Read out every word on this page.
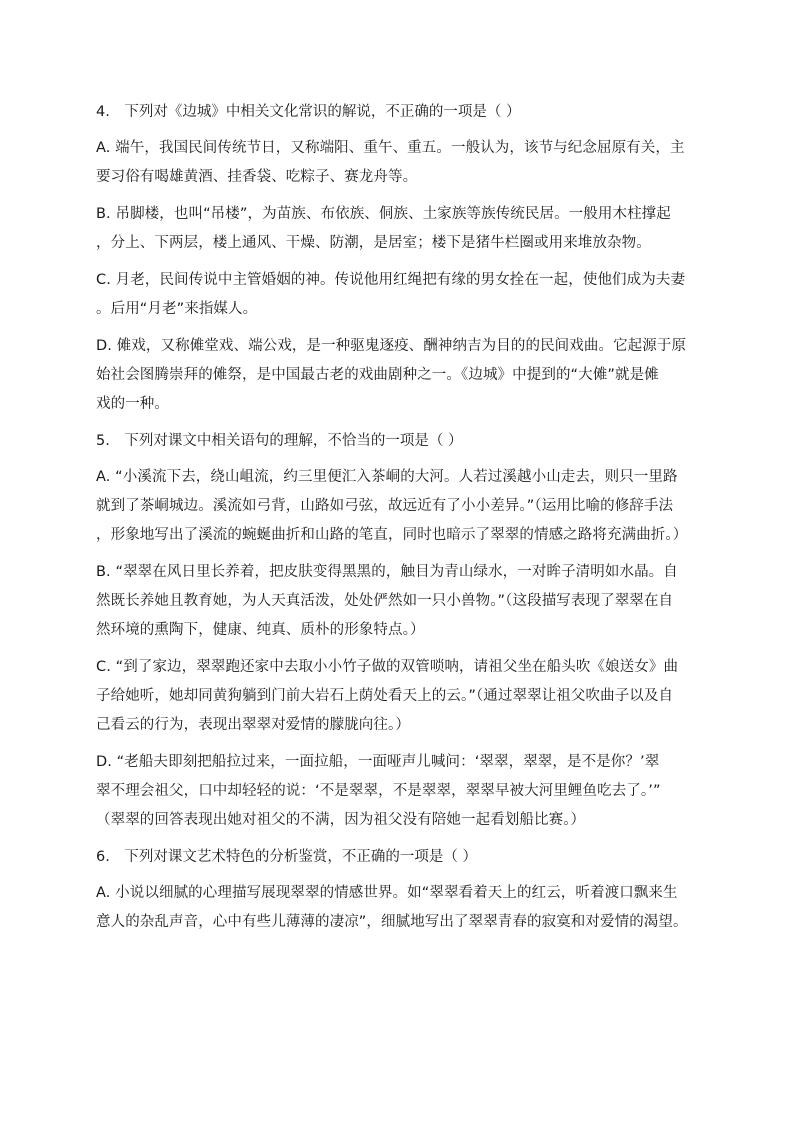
4.　下列对《边城》中相关文化常识的解说，不正确的一项是（ ）
A. 端午，我国民间传统节日，又称端阳、重午、重五。一般认为，该节与纪念屈原有关，主
要习俗有喝雄黄酒、挂香袋、吃粽子、赛龙舟等。
B. 吊脚楼，也叫“吊楼”，为苗族、布依族、侗族、土家族等族传统民居。一般用木柱撑起
，分上、下两层，楼上通风、干燥、防潮，是居室；楼下是猪牛栏圈或用来堆放杂物。
C. 月老，民间传说中主管婚姻的神。传说他用红绳把有缘的男女拴在一起，使他们成为夫妻
。后用“月老”来指媒人。
D. 傩戏，又称傩堂戏、端公戏，是一种驱鬼逐疫、酬神纳吉为目的的民间戏曲。它起源于原
始社会图腾崇拜的傩祭，是中国最古老的戏曲剧种之一。《边城》中提到的“大傩”就是傩
戏的一种。
5.　下列对课文中相关语句的理解，不恰当的一项是（ ）
A. “小溪流下去，绕山岨流，约三里便汇入茶峒的大河。人若过溪越小山走去，则只一里路
就到了茶峒城边。溪流如弓背，山路如弓弦，故远近有了小小差异。”（运用比喻的修辞手法
，形象地写出了溪流的蜿蜒曲折和山路的笔直，同时也暗示了翠翠的情感之路将充满曲折。）
B. “翠翠在风日里长养着，把皮肤变得黑黑的，触目为青山绿水，一对眸子清明如水晶。自
然既长养她且教育她，为人天真活泼，处处俨然如一只小兽物。”（这段描写表现了翠翠在自
然环境的熏陶下，健康、纯真、质朴的形象特点。）
C. “到了家边，翠翠跑还家中去取小小竹子做的双管唢呐，请祖父坐在船头吹《娘送女》曲
子给她听，她却同黄狗躺到门前大岩石上荫处看天上的云。”（通过翠翠让祖父吹曲子以及自
己看云的行为，表现出翠翠对爱情的朦胧向往。）
D. “老船夫即刻把船拉过来，一面拉船，一面哑声儿喊问：‘翠翠，翠翠，是不是你？’翠
翠不理会祖父，口中却轻轻的说：‘不是翠翠，不是翠翠，翠翠早被大河里鲤鱼吃去了。’”
（翠翠的回答表现出她对祖父的不满，因为祖父没有陪她一起看划船比赛。）
6.　下列对课文艺术特色的分析鉴赏，不正确的一项是（ ）
A. 小说以细腻的心理描写展现翠翠的情感世界。如“翠翠看着天上的红云，听着渡口飘来生
意人的杂乱声音，心中有些儿薄薄的凄凉”，细腻地写出了翠翠青春的寂寞和对爱情的渴望。
